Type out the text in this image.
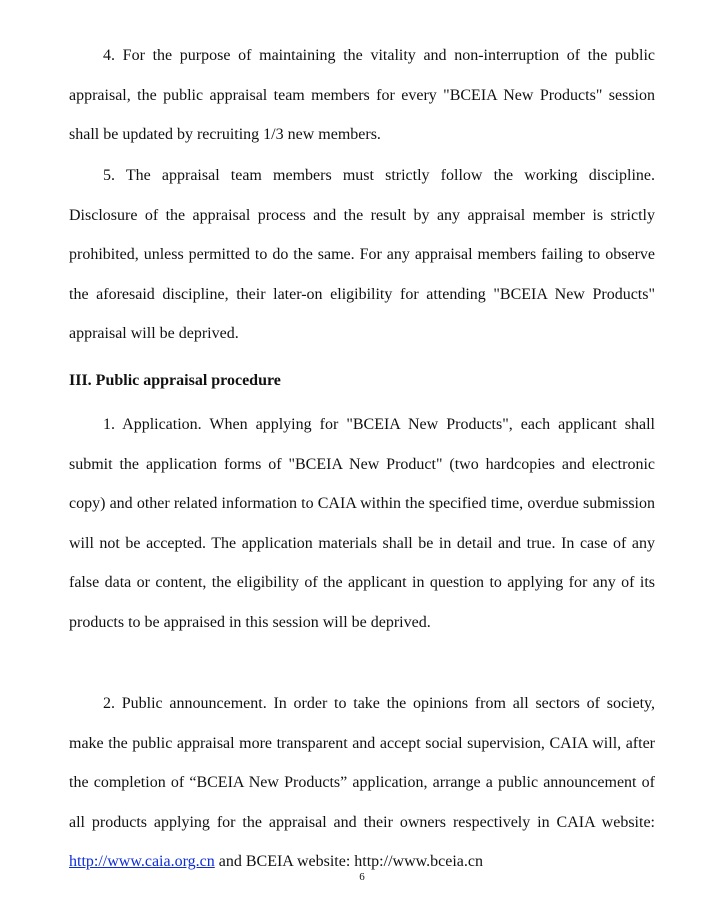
4. For the purpose of maintaining the vitality and non-interruption of the public appraisal, the public appraisal team members for every "BCEIA New Products" session shall be updated by recruiting 1/3 new members.

5. The appraisal team members must strictly follow the working discipline. Disclosure of the appraisal process and the result by any appraisal member is strictly prohibited, unless permitted to do the same. For any appraisal members failing to observe the aforesaid discipline, their later-on eligibility for attending "BCEIA New Products" appraisal will be deprived.

III. Public appraisal procedure

1. Application. When applying for "BCEIA New Products", each applicant shall submit the application forms of "BCEIA New Product" (two hardcopies and electronic copy) and other related information to CAIA within the specified time, overdue submission will not be accepted. The application materials shall be in detail and true. In case of any false data or content, the eligibility of the applicant in question to applying for any of its products to be appraised in this session will be deprived.

2. Public announcement. In order to take the opinions from all sectors of society, make the public appraisal more transparent and accept social supervision, CAIA will, after the completion of “BCEIA New Products” application, arrange a public announcement of all products applying for the appraisal and their owners respectively in CAIA website: http://www.caia.org.cn and BCEIA website: http://www.bceia.cn

6
